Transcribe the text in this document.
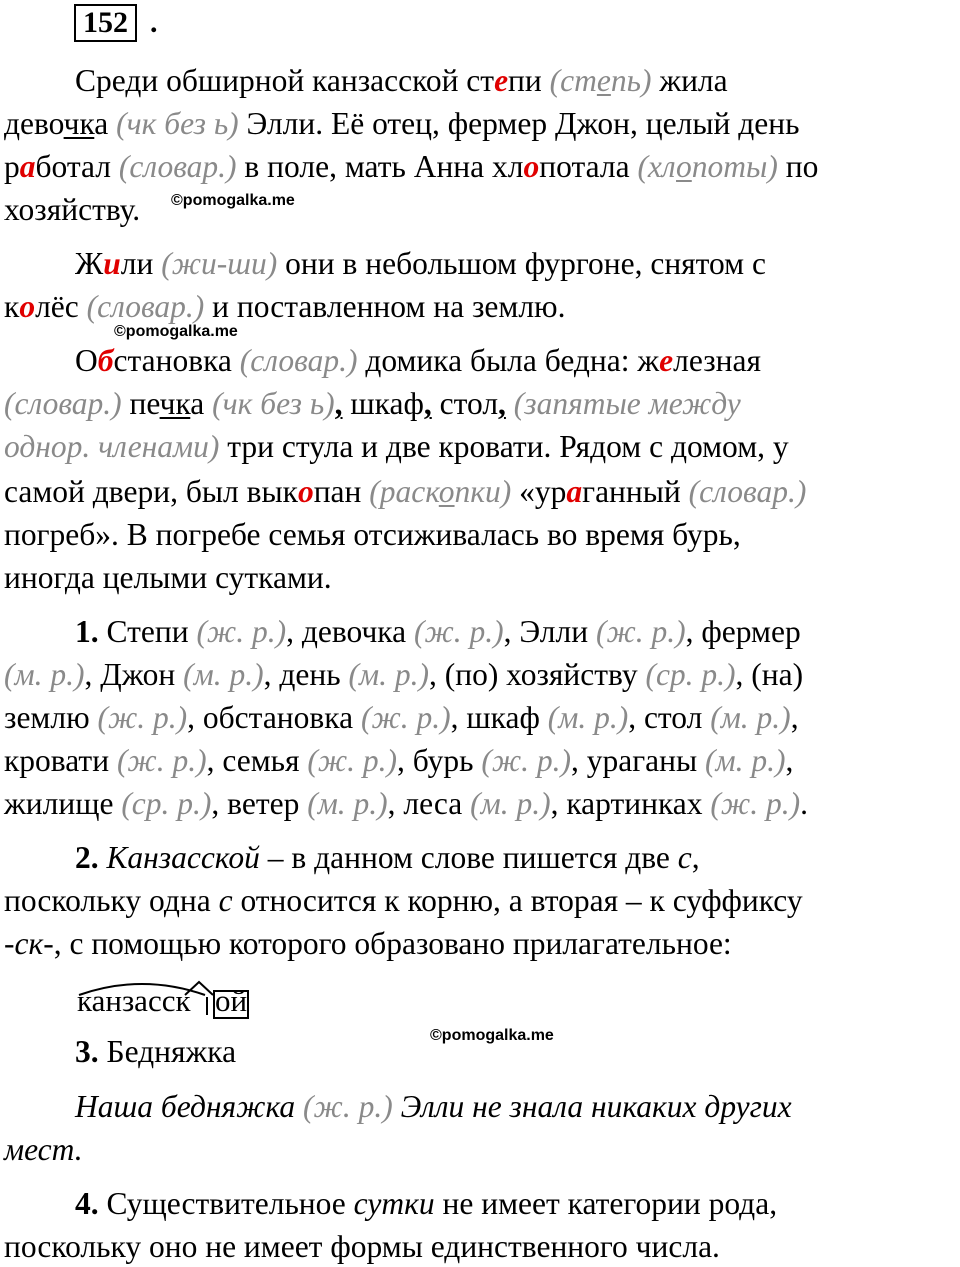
152 .
Среди обширной канзасской степи (степь) жила
девочка (чк без ь) Элли. Её отец, фермер Джон, целый день
работал (словар.) в поле, мать Анна хлопотала (хлопоты) по
хозяйству. ©pomogalka.me
Жили (жи-ши) они в небольшом фургоне, снятом с
колёс (словар.) и поставленном на землю.
©pomogalka.me
Обстановка (словар.) домика была бедна: железная
(словар.) печка (чк без ь), шкаф, стол, (запятые между
однор. членами) три стула и две кровати. Рядом с домом, у
самой двери, был выкопан (раскопки) «ураганный (словар.)
погреб». В погребе семья отсиживалась во время бурь,
иногда целыми сутками.
1. Степи (ж. р.), девочка (ж. р.), Элли (ж. р.), фермер
(м. р.), Джон (м. р.), день (м. р.), (по) хозяйству (ср. р.), (на)
землю (ж. р.), обстановка (ж. р.), шкаф (м. р.), стол (м. р.),
кровати (ж. р.), семья (ж. р.), бурь (ж. р.), ураганы (м. р.),
жилище (ср. р.), ветер (м. р.), леса (м. р.), картинках (ж. р.).
2. Канзасской – в данном слове пишется две с,
поскольку одна с относится к корню, а вторая – к суффиксу
-ск-, с помощью которого образовано прилагательное:
канзасск ой
©pomogalka.me
3. Бедняжка
Наша бедняжка (ж. р.) Элли не знала никаких других
мест.
4. Существительное сутки не имеет категории рода,
поскольку оно не имеет формы единственного числа.
